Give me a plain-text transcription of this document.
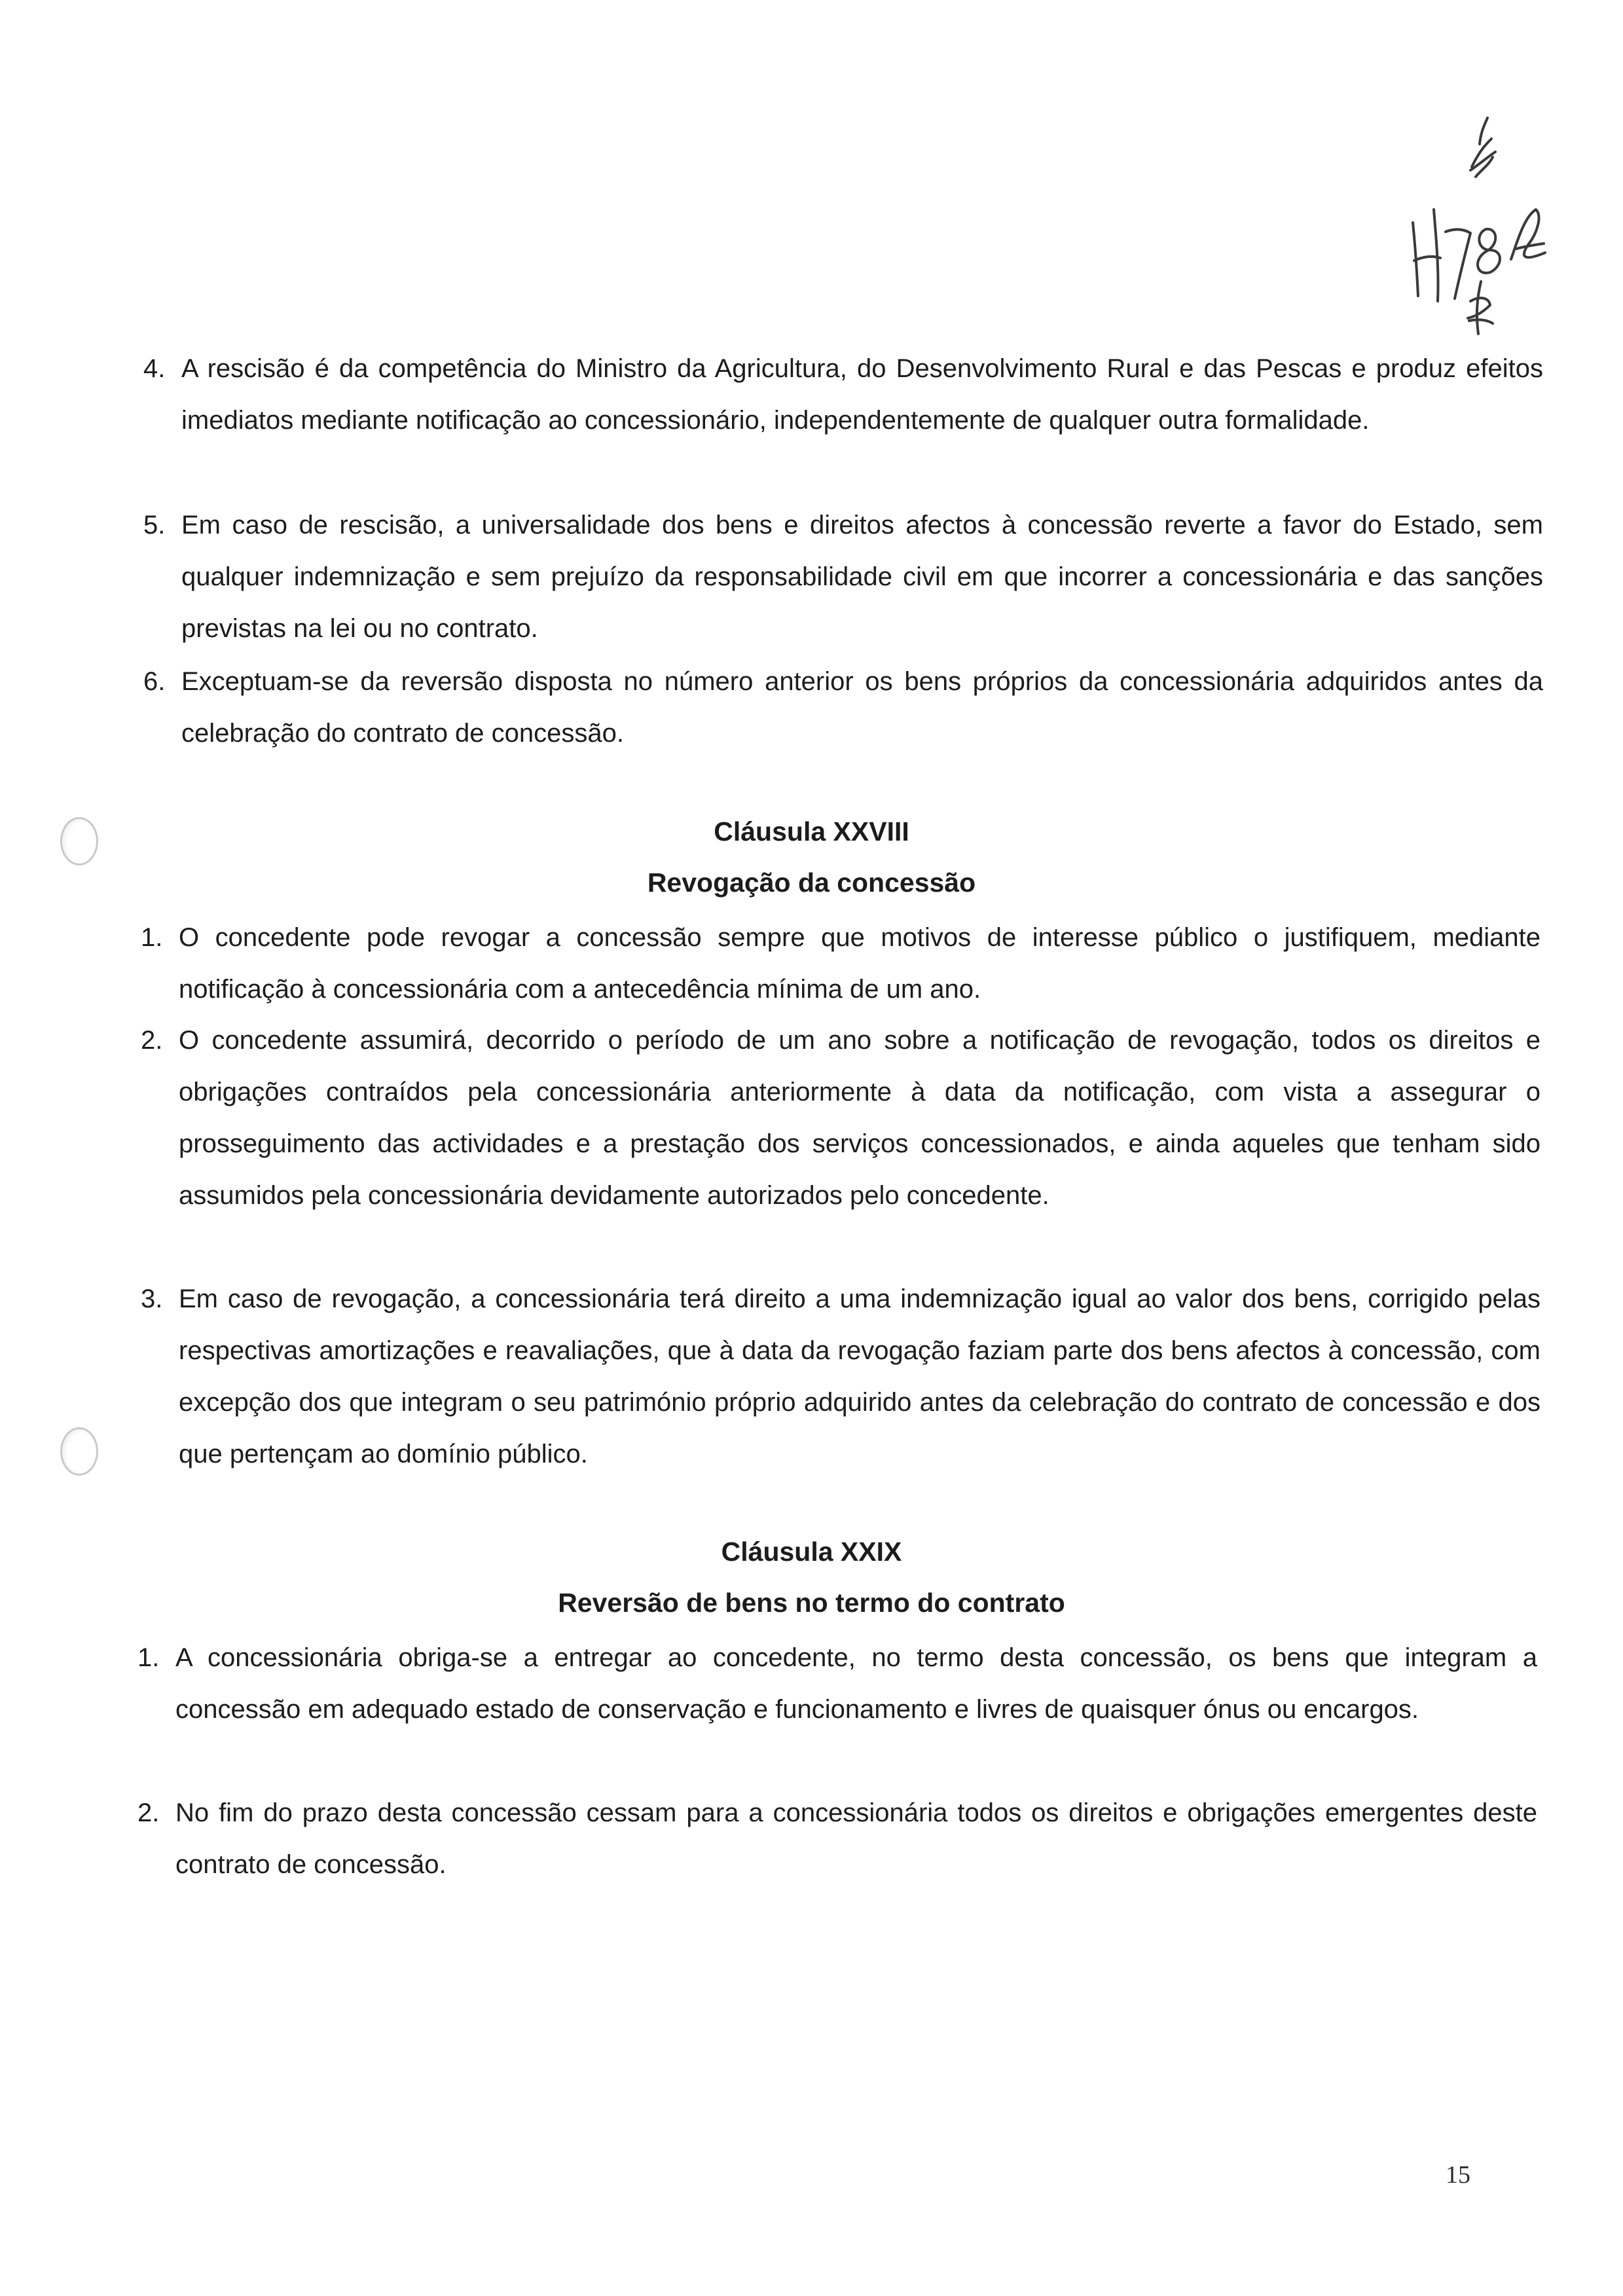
4. A rescisão é da competência do Ministro da Agricultura, do Desenvolvimento Rural e das Pescas e produz efeitos imediatos mediante notificação ao concessionário, independentemente de qualquer outra formalidade.
5. Em caso de rescisão, a universalidade dos bens e direitos afectos à concessão reverte a favor do Estado, sem qualquer indemnização e sem prejuízo da responsabilidade civil em que incorrer a concessionária e das sanções previstas na lei ou no contrato.
6. Exceptuam-se da reversão disposta no número anterior os bens próprios da concessionária adquiridos antes da celebração do contrato de concessão.
Cláusula XXVIII
Revogação da concessão
1. O concedente pode revogar a concessão sempre que motivos de interesse público o justifiquem, mediante notificação à concessionária com a antecedência mínima de um ano.
2. O concedente assumirá, decorrido o período de um ano sobre a notificação de revogação, todos os direitos e obrigações contraídos pela concessionária anteriormente à data da notificação, com vista a assegurar o prosseguimento das actividades e a prestação dos serviços concessionados, e ainda aqueles que tenham sido assumidos pela concessionária devidamente autorizados pelo concedente.
3. Em caso de revogação, a concessionária terá direito a uma indemnização igual ao valor dos bens, corrigido pelas respectivas amortizações e reavaliações, que à data da revogação faziam parte dos bens afectos à concessão, com excepção dos que integram o seu património próprio adquirido antes da celebração do contrato de concessão e dos que pertençam ao domínio público.
Cláusula XXIX
Reversão de bens no termo do contrato
1. A concessionária obriga-se a entregar ao concedente, no termo desta concessão, os bens que integram a concessão em adequado estado de conservação e funcionamento e livres de quaisquer ónus ou encargos.
2. No fim do prazo desta concessão cessam para a concessionária todos os direitos e obrigações emergentes deste contrato de concessão.
15
